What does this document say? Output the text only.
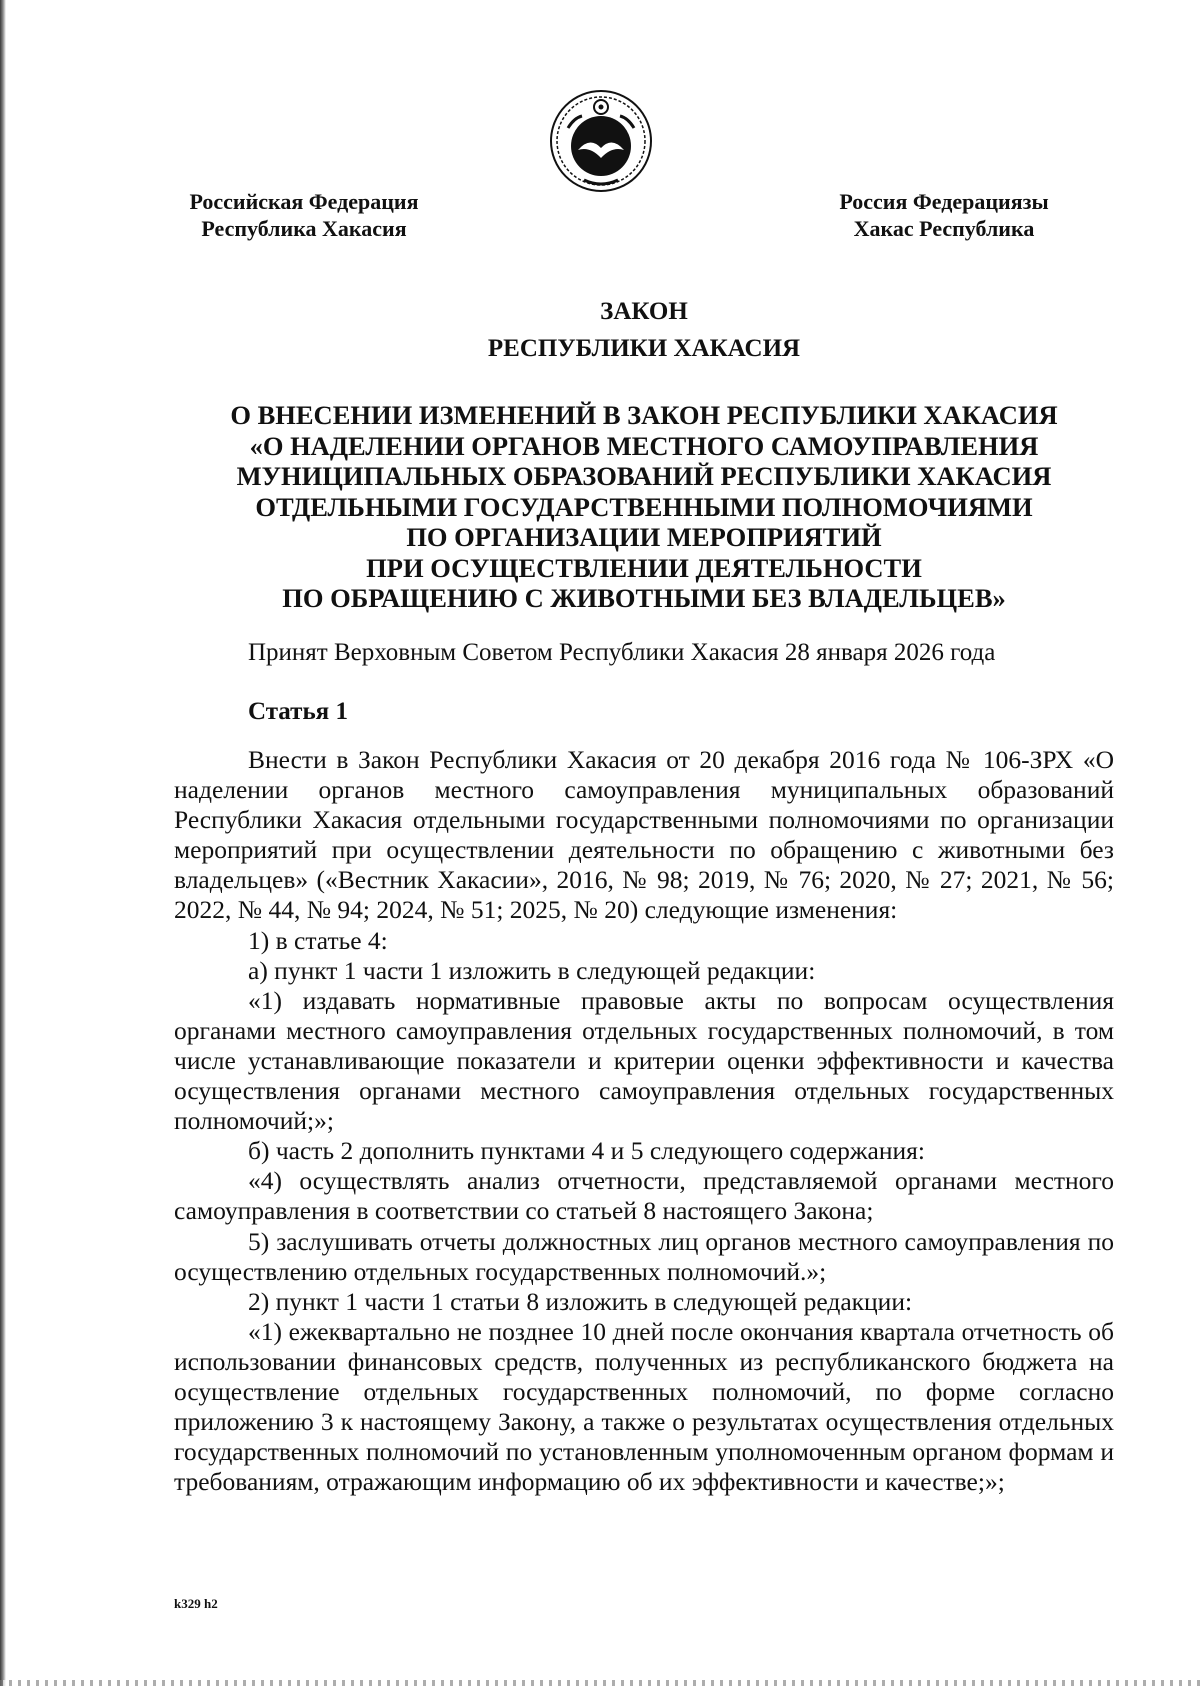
Российская Федерация
Республика Хакасия
Россия Федерациязы
Хакас Республика
ЗАКОН
РЕСПУБЛИКИ ХАКАСИЯ
О ВНЕСЕНИИ ИЗМЕНЕНИЙ В ЗАКОН РЕСПУБЛИКИ ХАКАСИЯ
«О НАДЕЛЕНИИ ОРГАНОВ МЕСТНОГО САМОУПРАВЛЕНИЯ
МУНИЦИПАЛЬНЫХ ОБРАЗОВАНИЙ РЕСПУБЛИКИ ХАКАСИЯ
ОТДЕЛЬНЫМИ ГОСУДАРСТВЕННЫМИ ПОЛНОМОЧИЯМИ
ПО ОРГАНИЗАЦИИ МЕРОПРИЯТИЙ
ПРИ ОСУЩЕСТВЛЕНИИ ДЕЯТЕЛЬНОСТИ
ПО ОБРАЩЕНИЮ С ЖИВОТНЫМИ БЕЗ ВЛАДЕЛЬЦЕВ»
Принят Верховным Советом Республики Хакасия 28 января 2026 года
Статья 1

Внести в Закон Республики Хакасия от 20 декабря 2016 года № 106-ЗРХ «О наделении органов местного самоуправления муниципальных образований Республики Хакасия отдельными государственными полномочиями по организации мероприятий при осуществлении деятельности по обращению с животными без владельцев» («Вестник Хакасии», 2016, № 98; 2019, № 76; 2020, № 27; 2021, № 56; 2022, № 44, № 94; 2024, № 51; 2025, № 20) следующие изменения:

1) в статье 4:

а) пункт 1 части 1 изложить в следующей редакции:

«1) издавать нормативные правовые акты по вопросам осуществления органами местного самоуправления отдельных государственных полномочий, в том числе устанавливающие показатели и критерии оценки эффективности и качества осуществления органами местного самоуправления отдельных государственных полномочий;»;

б) часть 2 дополнить пунктами 4 и 5 следующего содержания:

«4) осуществлять анализ отчетности, представляемой органами местного самоуправления в соответствии со статьей 8 настоящего Закона;

5) заслушивать отчеты должностных лиц органов местного самоуправления по осуществлению отдельных государственных полномочий.»;

2) пункт 1 части 1 статьи 8 изложить в следующей редакции:

«1) ежеквартально не позднее 10 дней после окончания квартала отчетность об использовании финансовых средств, полученных из республиканского бюджета на осуществление отдельных государственных полномочий, по форме согласно приложению 3 к настоящему Закону, а также о результатах осуществления отдельных государственных полномочий по установленным уполномоченным органом формам и требованиям, отражающим информацию об их эффективности и качестве;»;

k329 h2
